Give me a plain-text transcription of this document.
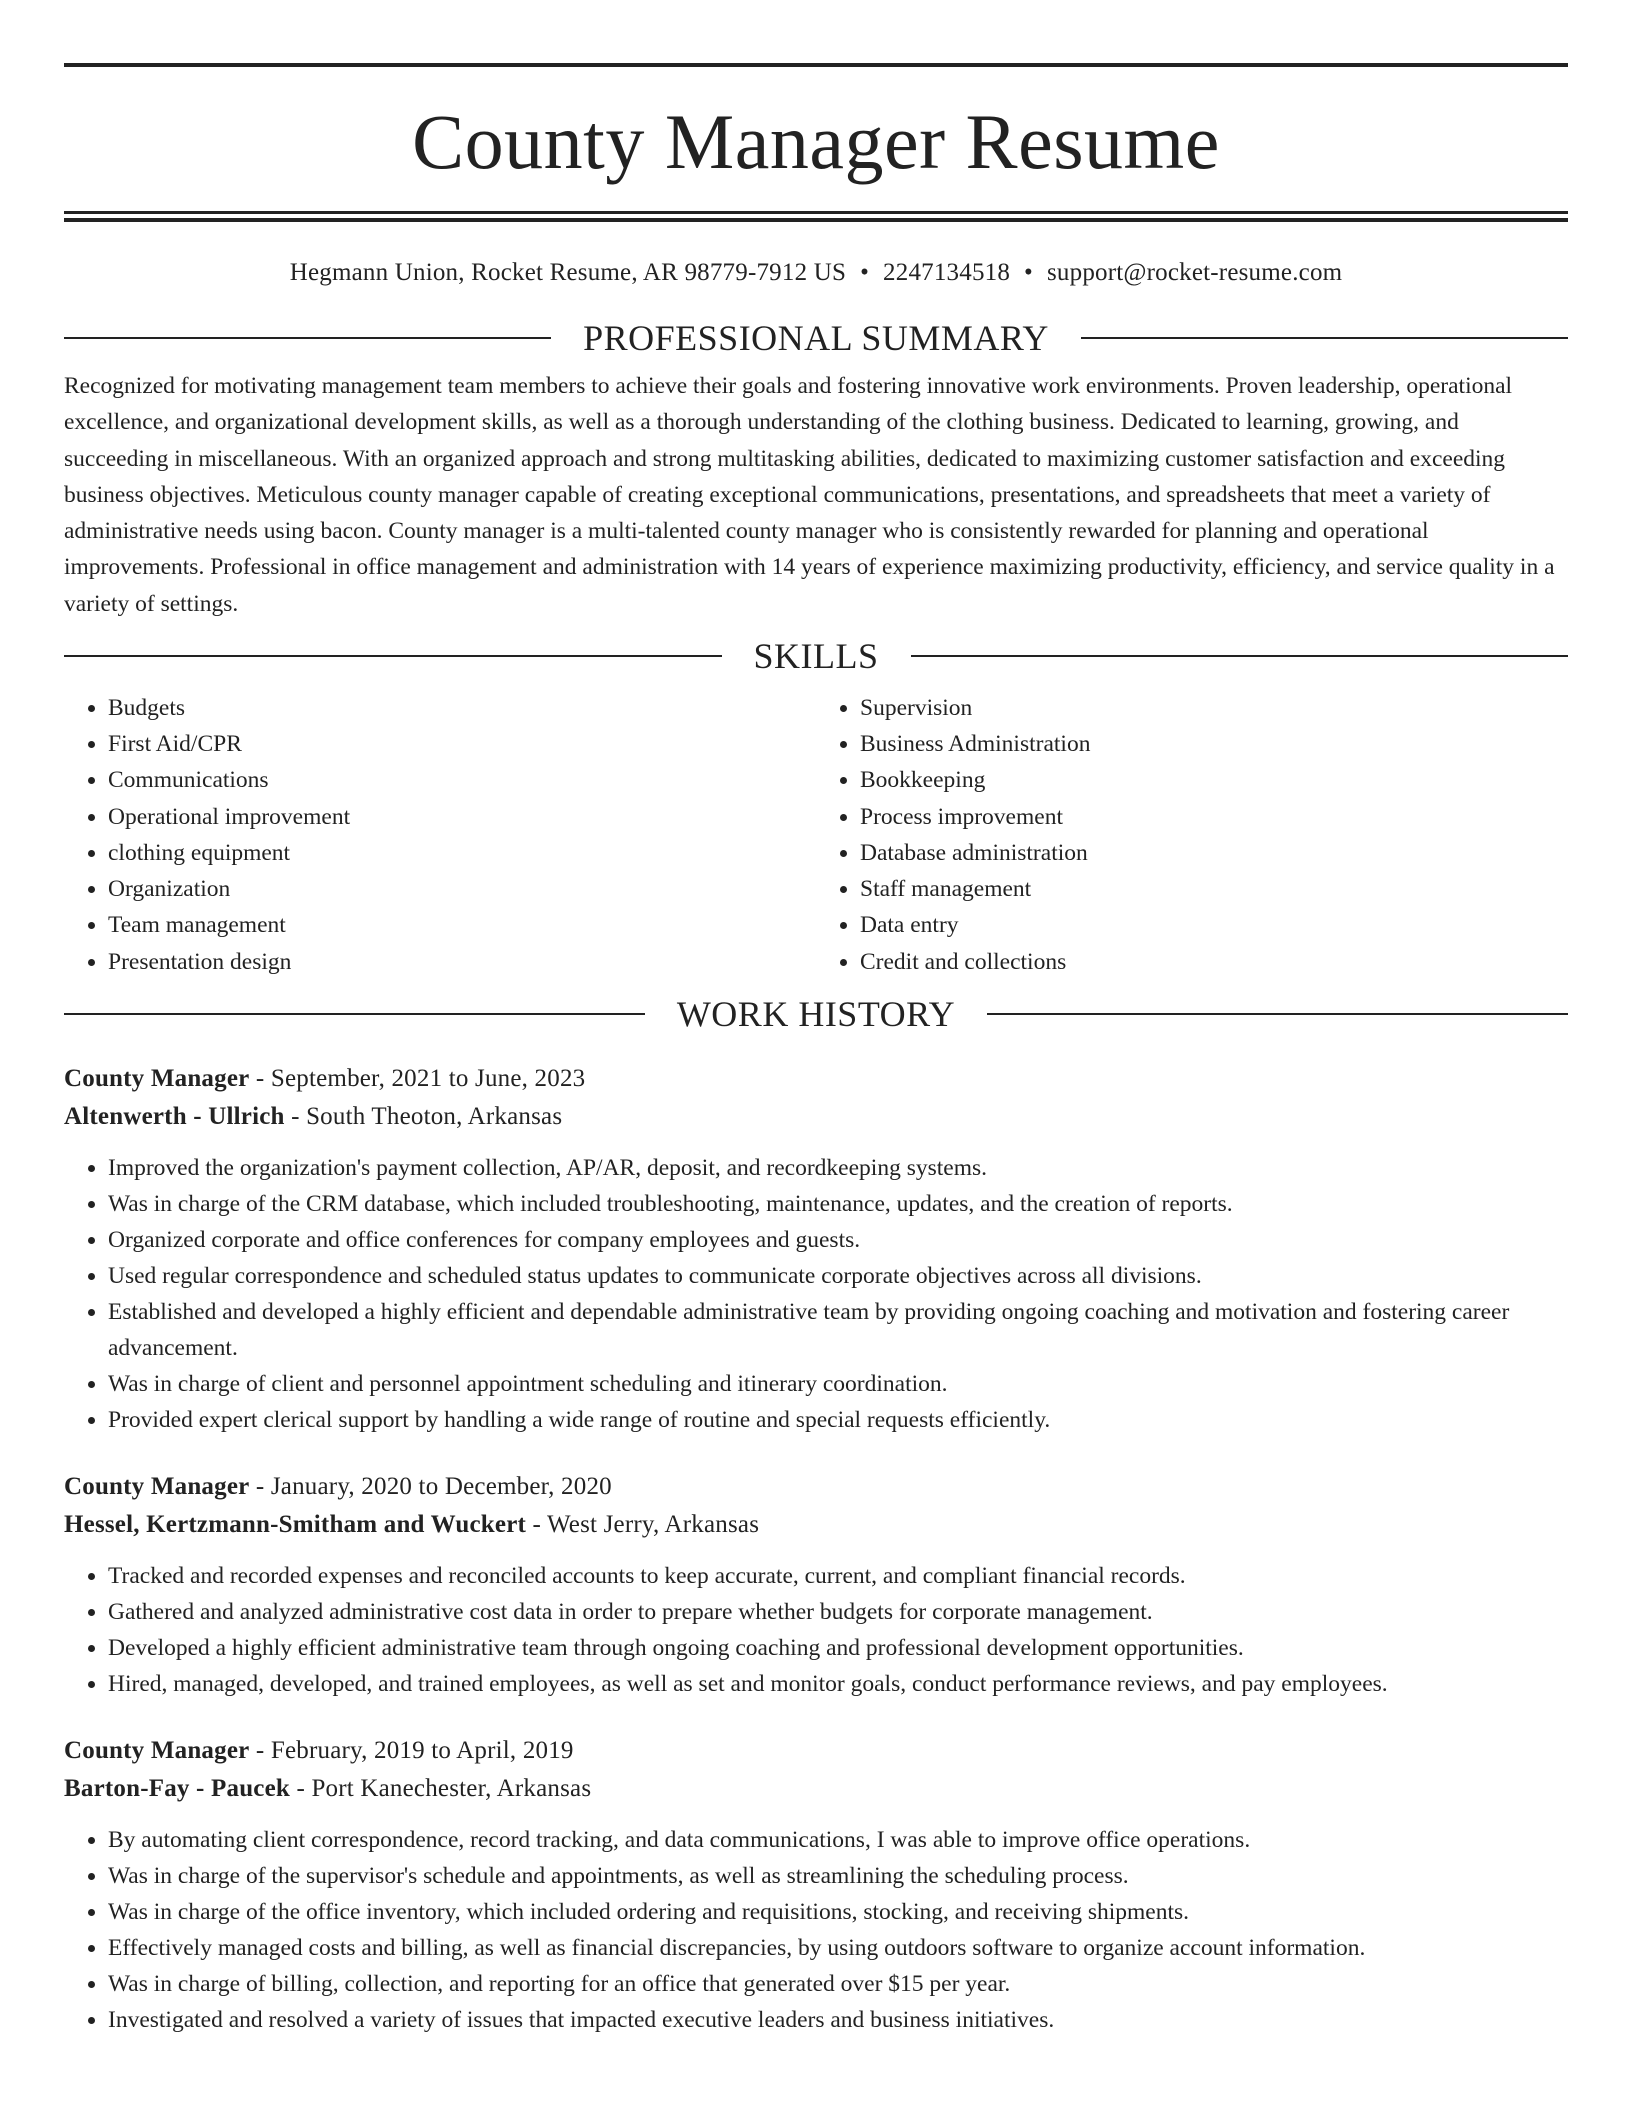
County Manager Resume
Hegmann Union, Rocket Resume, AR 98779-7912 US • 2247134518 • support@rocket-resume.com
PROFESSIONAL SUMMARY

Recognized for motivating management team members to achieve their goals and fostering innovative work environments. Proven leadership, operational excellence, and organizational development skills, as well as a thorough understanding of the clothing business. Dedicated to learning, growing, and succeeding in miscellaneous. With an organized approach and strong multitasking abilities, dedicated to maximizing customer satisfaction and exceeding business objectives. Meticulous county manager capable of creating exceptional communications, presentations, and spreadsheets that meet a variety of administrative needs using bacon. County manager is a multi-talented county manager who is consistently rewarded for planning and operational improvements. Professional in office management and administration with 14 years of experience maximizing productivity, efficiency, and service quality in a variety of settings.

SKILLS
• Budgets
• First Aid/CPR
• Communications
• Operational improvement
• clothing equipment
• Organization
• Team management
• Presentation design
• Supervision
• Business Administration
• Bookkeeping
• Process improvement
• Database administration
• Staff management
• Data entry
• Credit and collections
WORK HISTORY
County Manager - September, 2021 to June, 2023
Altenwerth - Ullrich - South Theoton, Arkansas
• Improved the organization's payment collection, AP/AR, deposit, and recordkeeping systems.
• Was in charge of the CRM database, which included troubleshooting, maintenance, updates, and the creation of reports.
• Organized corporate and office conferences for company employees and guests.
• Used regular correspondence and scheduled status updates to communicate corporate objectives across all divisions.
• Established and developed a highly efficient and dependable administrative team by providing ongoing coaching and motivation and fostering career advancement.
• Was in charge of client and personnel appointment scheduling and itinerary coordination.
• Provided expert clerical support by handling a wide range of routine and special requests efficiently.
County Manager - January, 2020 to December, 2020
Hessel, Kertzmann-Smitham and Wuckert - West Jerry, Arkansas
• Tracked and recorded expenses and reconciled accounts to keep accurate, current, and compliant financial records.
• Gathered and analyzed administrative cost data in order to prepare whether budgets for corporate management.
• Developed a highly efficient administrative team through ongoing coaching and professional development opportunities.
• Hired, managed, developed, and trained employees, as well as set and monitor goals, conduct performance reviews, and pay employees.
County Manager - February, 2019 to April, 2019
Barton-Fay - Paucek - Port Kanechester, Arkansas
• By automating client correspondence, record tracking, and data communications, I was able to improve office operations.
• Was in charge of the supervisor's schedule and appointments, as well as streamlining the scheduling process.
• Was in charge of the office inventory, which included ordering and requisitions, stocking, and receiving shipments.
• Effectively managed costs and billing, as well as financial discrepancies, by using outdoors software to organize account information.
• Was in charge of billing, collection, and reporting for an office that generated over $15 per year.
• Investigated and resolved a variety of issues that impacted executive leaders and business initiatives.
